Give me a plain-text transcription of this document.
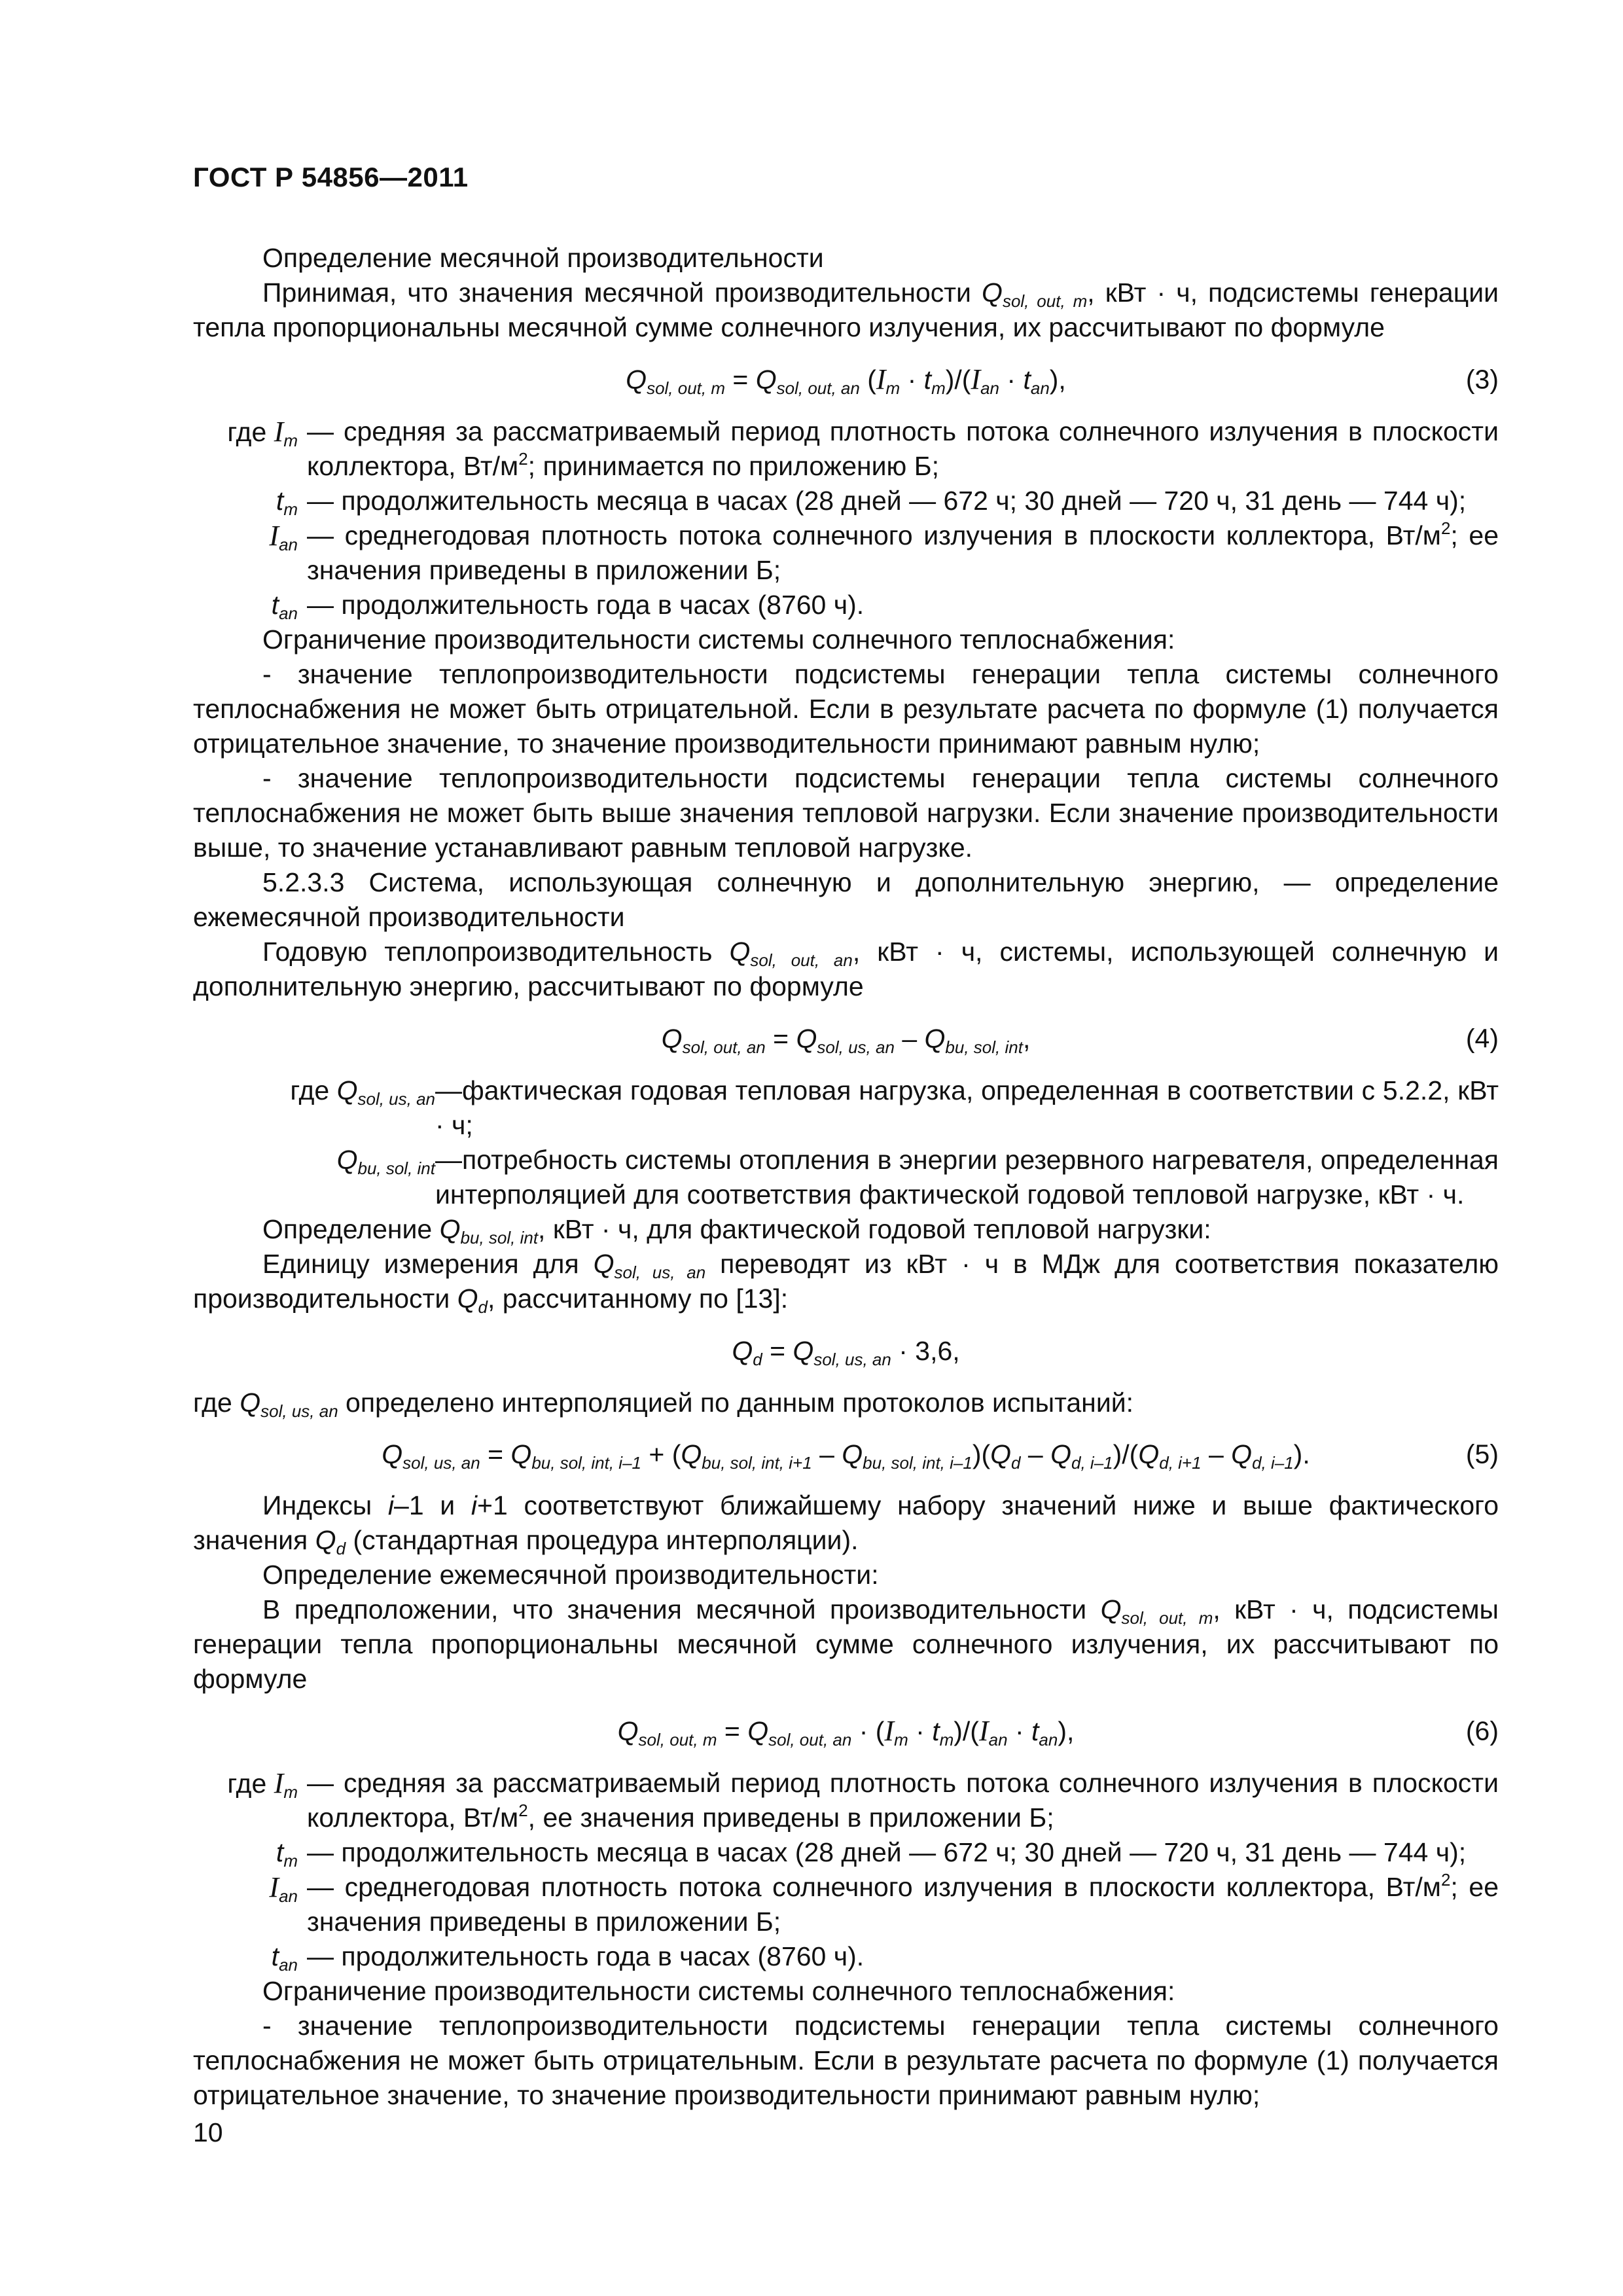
ГОСТ Р 54856—2011

Определение месячной производительности

Принимая, что значения месячной производительности $Q_{sol, out, m}$, кВт · ч, подсистемы генерации тепла пропорциональны месячной сумме солнечного излучения, их рассчитывают по формуле

$Q_{sol, out, m} = Q_{sol, out, an}$ $(I_m \cdot t_m)/(I_{an} \cdot t_{an})$,	(3)
где $I_m$ — средняя за рассматриваемый период плотность потока солнечного излучения в плоскости коллектора, $Вт/м^2$; принимается по приложению Б;
$t_m$ — продолжительность месяца в часах (28 дней — 672 ч; 30 дней — 720 ч, 31 день — 744 ч);
$I_{an}$ — среднегодовая плотность потока солнечного излучения в плоскости коллектора, $Вт/м^2$; ее значения приведены в приложении Б;
$t_{an}$ — продолжительность года в часах (8760 ч).

Ограничение производительности системы солнечного теплоснабжения:

- значение теплопроизводительности подсистемы генерации тепла системы солнечного теплоснабжения не может быть отрицательной. Если в результате расчета по формуле (1) получается отрицательное значение, то значение производительности принимают равным нулю;

- значение теплопроизводительности подсистемы генерации тепла системы солнечного теплоснабжения не может быть выше значения тепловой нагрузки. Если значение производительности выше, то значение устанавливают равным тепловой нагрузке.

5.2.3.3 Система, использующая солнечную и дополнительную энергию, — определение ежемесячной производительности

Годовую теплопроизводительность $Q_{sol, out, an}$, кВт · ч, системы, использующей солнечную и дополнительную энергию, рассчитывают по формуле

$Q_{sol, out, an} = Q_{sol, us, an} - Q_{bu, sol, int}$,	(4)
где $Q_{sol, us, an}$ —фактическая годовая тепловая нагрузка, определенная в соответствии с 5.2.2, кВт · ч;
$Q_{bu, sol, int}$ —потребность системы отопления в энергии резервного нагревателя, определенная интерполяцией для соответствия фактической годовой тепловой нагрузке, кВт · ч.

Определение $Q_{bu, sol, int}$, кВт · ч, для фактической годовой тепловой нагрузки:

Единицу измерения для $Q_{sol, us, an}$ переводят из кВт · ч в МДж для соответствия показателю производительности $Q_d$, рассчитанному по [13]:

$Q_d = Q_{sol, us, an} \cdot 3,6$,

где $Q_{sol, us, an}$ определено интерполяцией по данным протоколов испытаний:

$Q_{sol, us, an} = Q_{bu, sol, int, i-1} + (Q_{bu, sol, int, i+1} - Q_{bu, sol, int, i-1})(Q_d - Q_{d, i-1})/(Q_{d, i+1} - Q_{d, i-1})$.	(5)

Индексы i–1 и i+1 соответствуют ближайшему набору значений ниже и выше фактического значения $Q_d$ (стандартная процедура интерполяции).

Определение ежемесячной производительности:

В предположении, что значения месячной производительности $Q_{sol, out, m}$, кВт · ч, подсистемы генерации тепла пропорциональны месячной сумме солнечного излучения, их рассчитывают по формуле

$Q_{sol, out, m} = Q_{sol, out, an} \cdot (I_m \cdot t_m)/(I_{an} \cdot t_{an})$,	(6)
где $I_m$ — средняя за рассматриваемый период плотность потока солнечного излучения в плоскости коллектора, $Вт/м^2$, ее значения приведены в приложении Б;
$t_m$ — продолжительность месяца в часах (28 дней — 672 ч; 30 дней — 720 ч, 31 день — 744 ч);
$I_{an}$ — среднегодовая плотность потока солнечного излучения в плоскости коллектора, $Вт/м^2$; ее значения приведены в приложении Б;
$t_{an}$ — продолжительность года в часах (8760 ч).

Ограничение производительности системы солнечного теплоснабжения:

- значение теплопроизводительности подсистемы генерации тепла системы солнечного теплоснабжения не может быть отрицательным. Если в результате расчета по формуле (1) получается отрицательное значение, то значение производительности принимают равным нулю;

10
